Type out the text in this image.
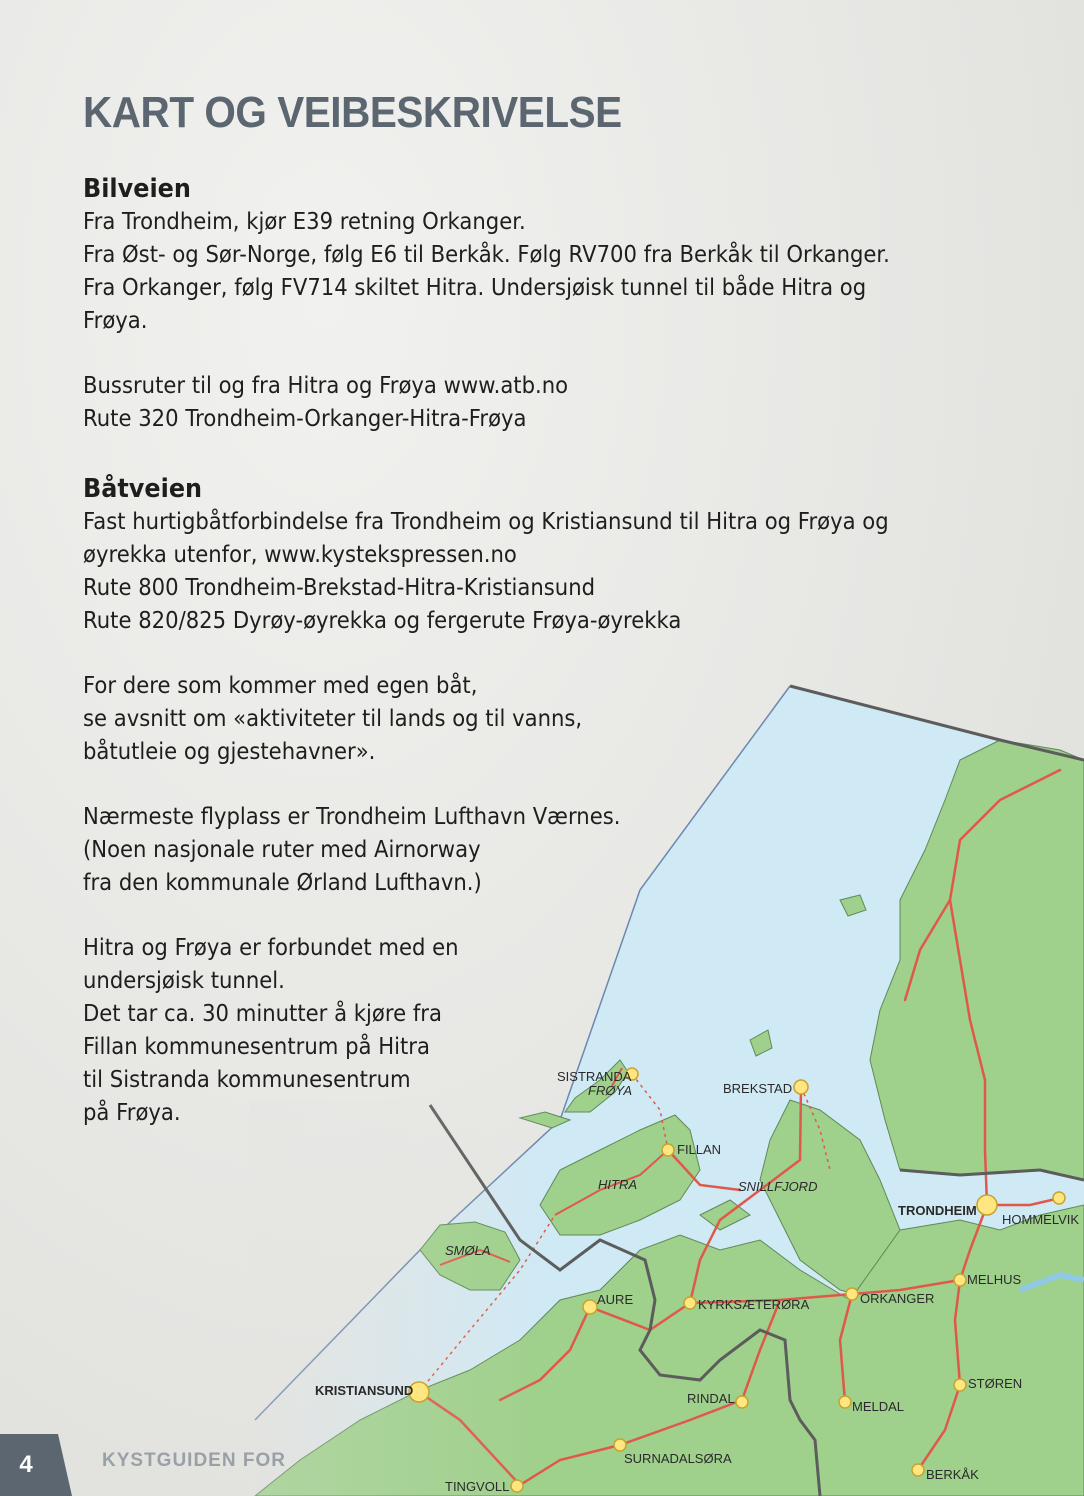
SISTRANDA
FRØYA	BREKSTAD
FILLAN
HITRA	SNILLFJORD
TRONDHEIM
HOMMELVIK
SMØLA
MELHUS
AURE	KYRKSÆTERØRA	ORKANGER
KRISTIANSUND	STØREN
RINDAL
MELDAL
SURNADALSØRA
BERKÅK
TINGVOLL
KART OG VEIBESKRIVELSE
Bilveien

Fra Trondheim, kjør E39 retning Orkanger.

Fra Øst- og Sør-Norge, følg E6 til Berkåk. Følg RV700 fra Berkåk til Orkanger.

Fra Orkanger, følg FV714 skiltet Hitra. Undersjøisk tunnel til både Hitra og

Frøya.

Bussruter til og fra Hitra og Frøya www.atb.no

Rute 320 Trondheim-Orkanger-Hitra-Frøya

Båtveien

Fast hurtigbåtforbindelse fra Trondheim og Kristiansund til Hitra og Frøya og

øyrekka utenfor, www.kystekspressen.no

Rute 800 Trondheim-Brekstad-Hitra-Kristiansund

Rute 820/825 Dyrøy-øyrekka og fergerute Frøya-øyrekka

For dere som kommer med egen båt,

se avsnitt om «aktiviteter til lands og til vanns,

båtutleie og gjestehavner».

Nærmeste flyplass er Trondheim Lufthavn Værnes.

(Noen nasjonale ruter med Airnorway

fra den kommunale Ørland Lufthavn.)

Hitra og Frøya er forbundet med en

undersjøisk tunnel.

Det tar ca. 30 minutter å kjøre fra

Fillan kommunesentrum på Hitra

til Sistranda kommunesentrum

på Frøya.

4	KYSTGUIDEN FOR
